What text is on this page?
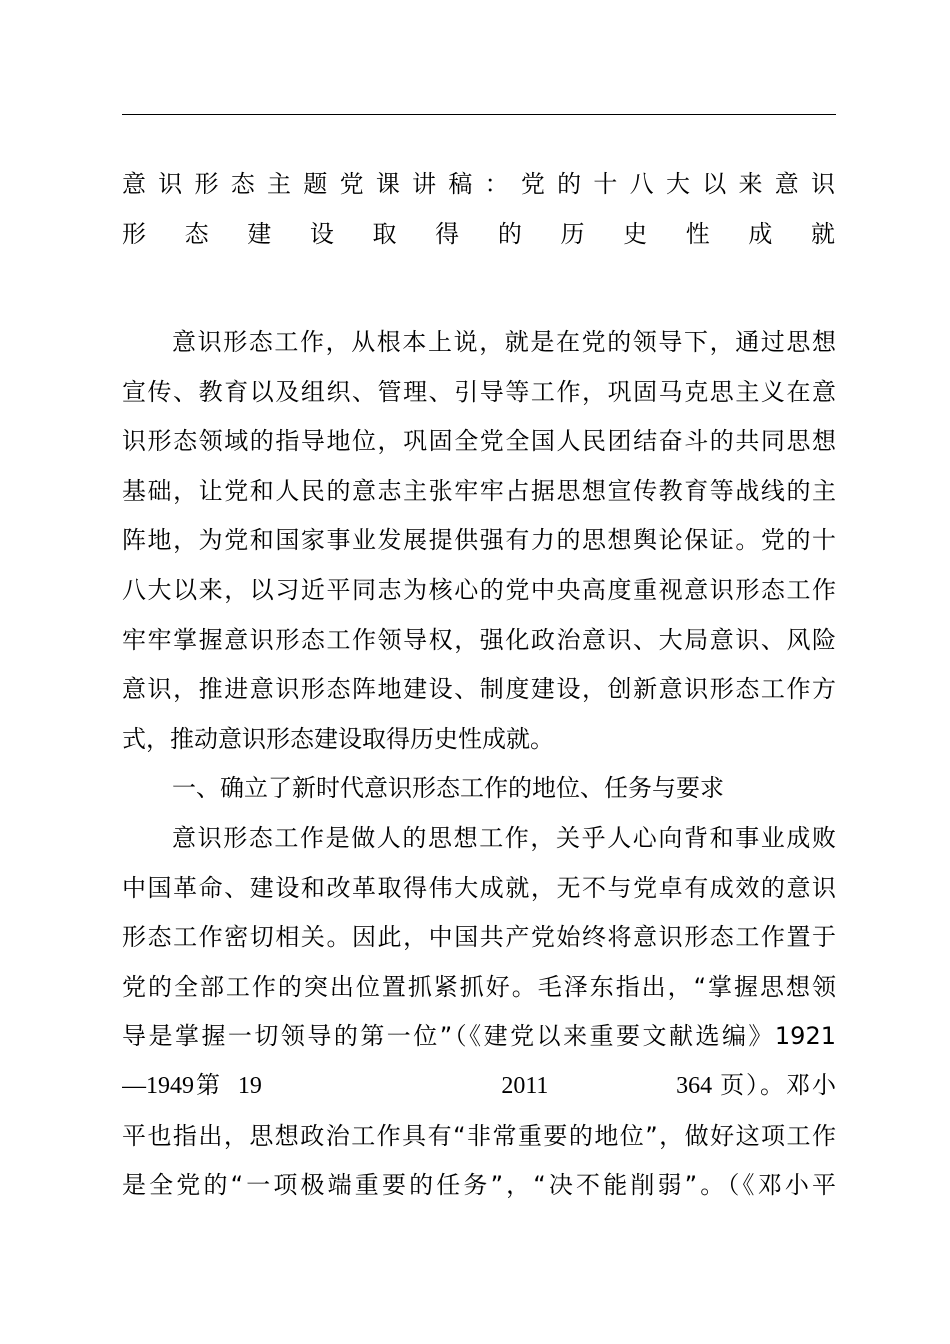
意识形态主题党课讲稿：党的十八大以来意识
形态建设取得的历史性成就
意识形态工作，从根本上说，就是在党的领导下，通过思想
宣传、教育以及组织、管理、引导等工作，巩固马克思主义在意
识形态领域的指导地位，巩固全党全国人民团结奋斗的共同思想
基础，让党和人民的意志主张牢牢占据思想宣传教育等战线的主
阵地，为党和国家事业发展提供强有力的思想舆论保证。党的十
八大以来，以习近平同志为核心的党中央高度重视意识形态工作
牢牢掌握意识形态工作领导权，强化政治意识、大局意识、风险
意识，推进意识形态阵地建设、制度建设，创新意识形态工作方
式，推动意识形态建设取得历史性成就。
一、确立了新时代意识形态工作的地位、任务与要求
意识形态工作是做人的思想工作，关乎人心向背和事业成败
中国革命、建设和改革取得伟大成就，无不与党卓有成效的意识
形态工作密切相关。因此，中国共产党始终将意识形态工作置于
党的全部工作的突出位置抓紧抓好。毛泽东指出，“掌握思想领
导是掌握一切领导的第一位”（《建党以来重要文献选编》1921
—1949第  19                              2011                364 页）。邓小
平也指出，思想政治工作具有“非常重要的地位”，做好这项工作
是全党的“一项极端重要的任务”，“决不能削弱”。（《邓小平
